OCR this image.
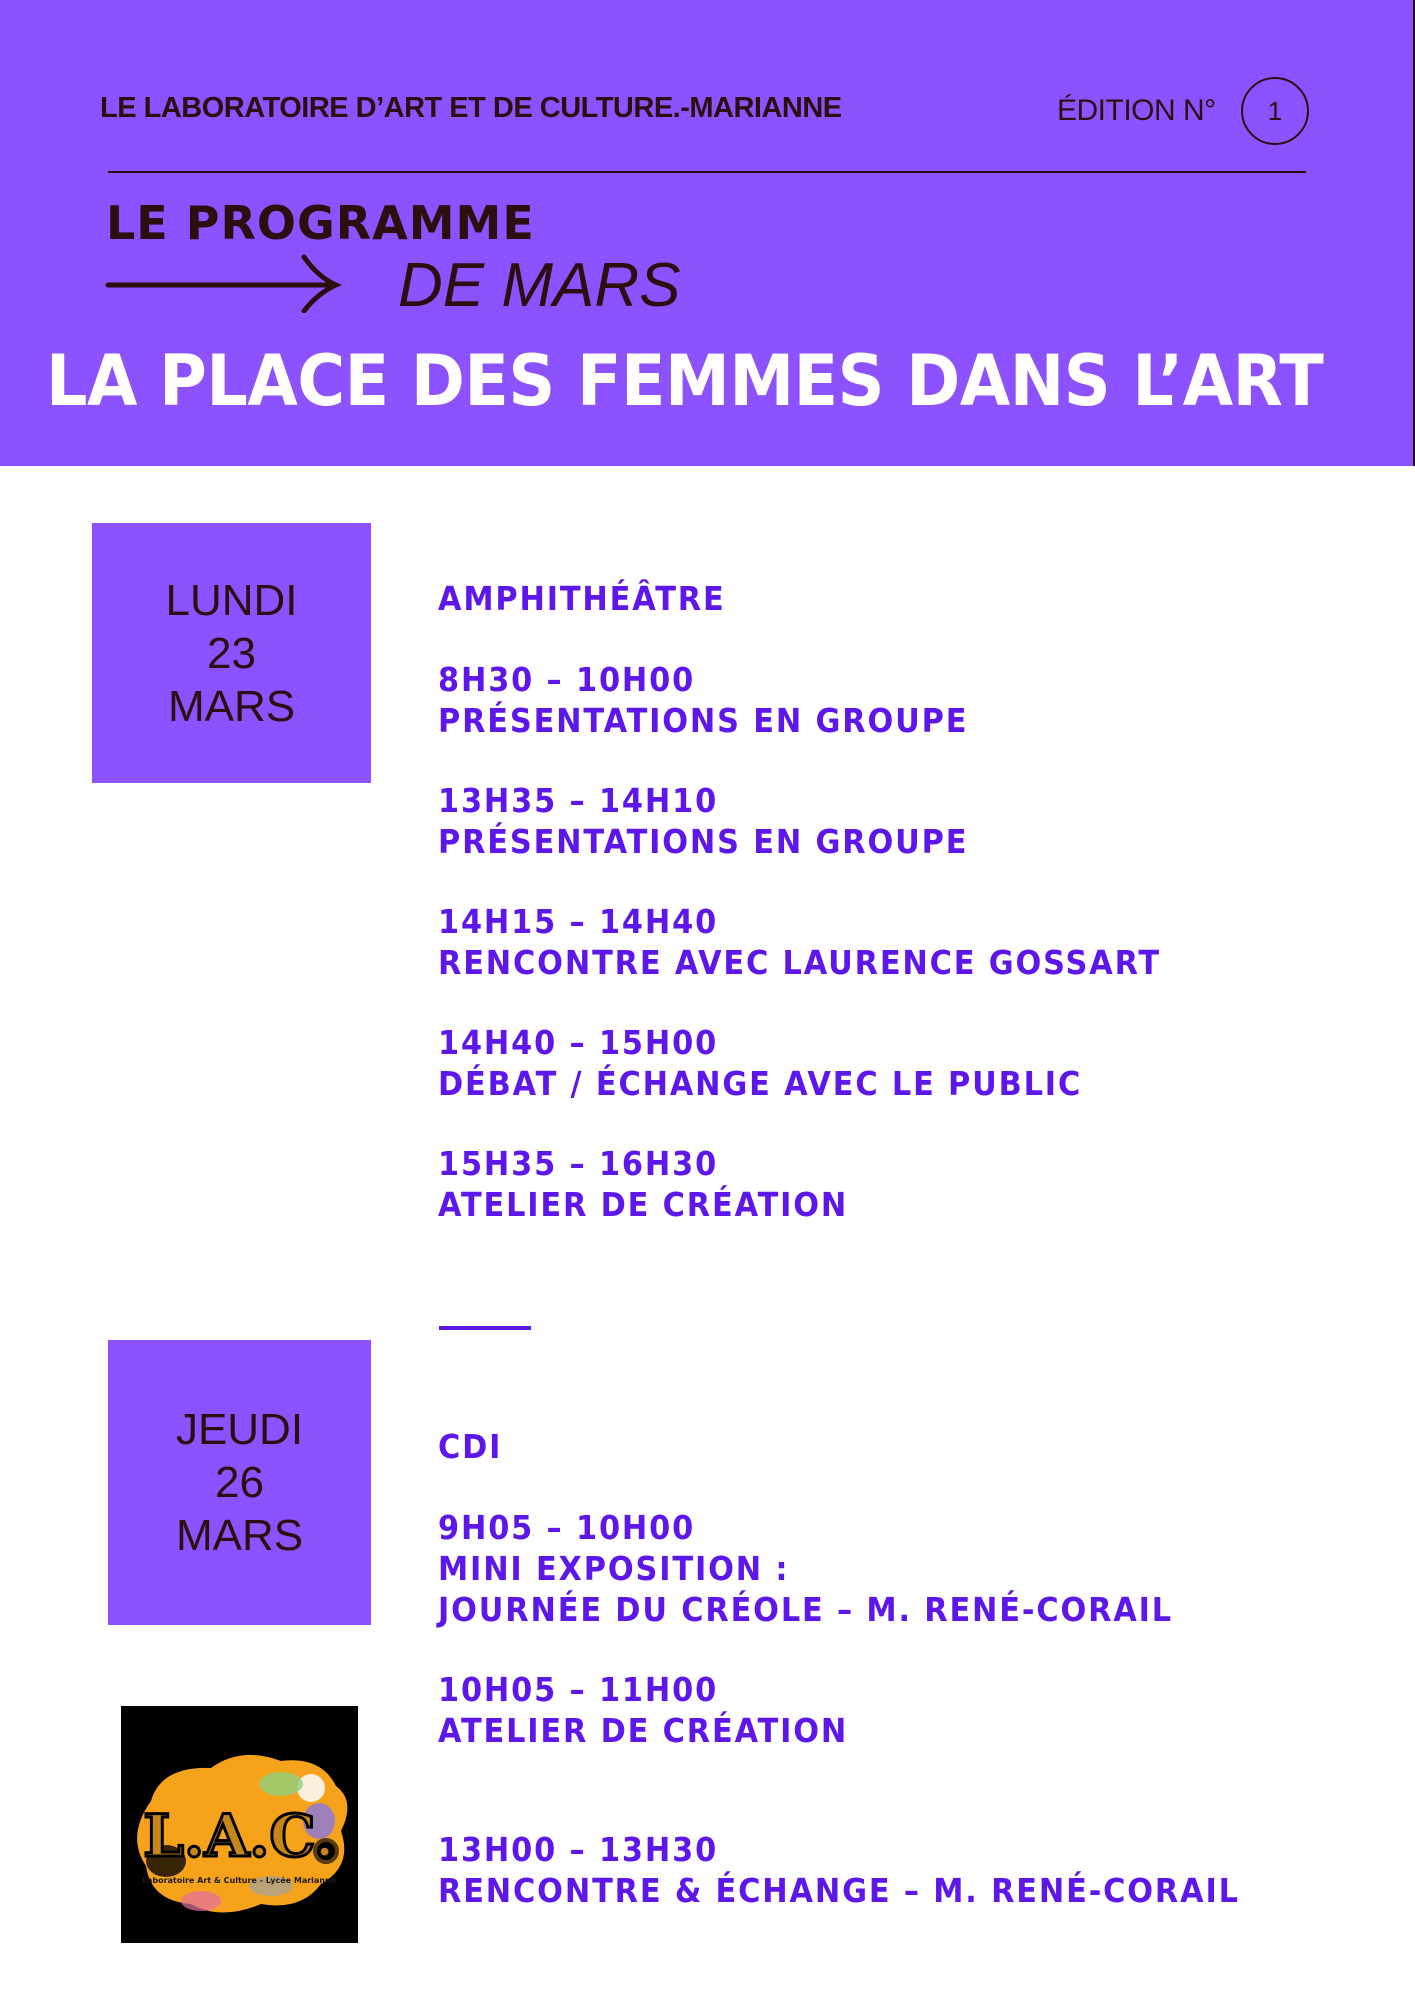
LE LABORATOIRE D’ART ET DE CULTURE.-MARIANNE	ÉDITION N° 1
LE PROGRAMME
DE MARS
LA PLACE DES FEMMES DANS L’ART
LUNDI
23
MARS
AMPHITHÉÂTRE
8H30 – 10H00
PRÉSENTATIONS EN GROUPE
13H35 – 14H10
PRÉSENTATIONS EN GROUPE
14H15 – 14H40
RENCONTRE AVEC LAURENCE GOSSART
14H40 – 15H00
DÉBAT / ÉCHANGE AVEC LE PUBLIC
15H35 – 16H30
ATELIER DE CRÉATION
JEUDI
26
MARS
CDI
9H05 – 10H00
MINI EXPOSITION :
JOURNÉE DU CRÉOLE – M. RENÉ-CORAIL
10H05 – 11H00
ATELIER DE CRÉATION
13H00 – 13H30
RENCONTRE & ÉCHANGE – M. RENÉ-CORAIL
L.A.C.
Laboratoire Art & Culture - Lycée Marianne
